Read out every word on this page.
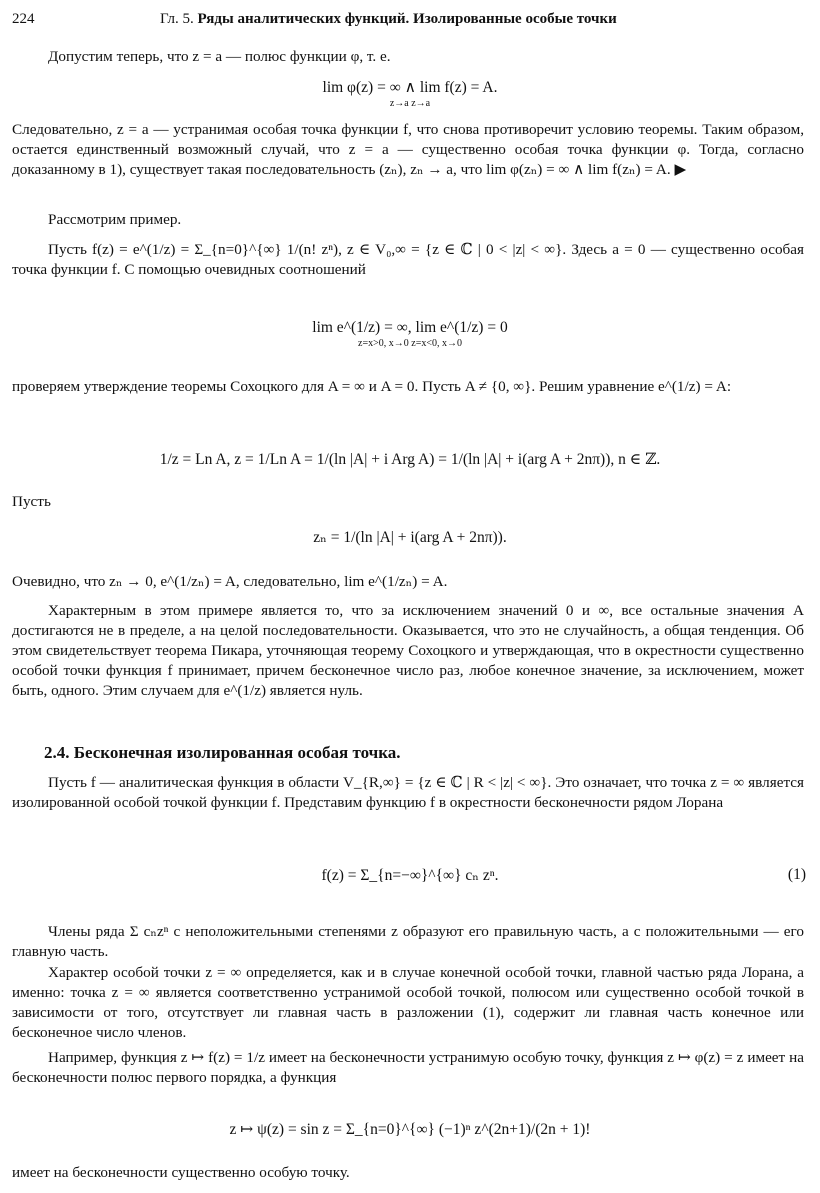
224	Гл. 5. Ряды аналитических функций. Изолированные особые точки
Допустим теперь, что z = a — полюс функции φ, т. е.
lim φ(z) = ∞ ∧ lim f(z) = A.
z→a z→a
Следовательно, z = a — устранимая особая точка функции f, что снова противоречит условию теоремы. Таким образом, остается единственный возможный случай, что z = a — существенно особая точка функции φ. Тогда, согласно доказанному в 1), существует такая последовательность (zₙ), zₙ → a, что lim φ(zₙ) = ∞ ∧ lim f(zₙ) = A. ▶
Рассмотрим пример.
Пусть f(z) = e^(1/z) = Σ_{n=0}^{∞} 1/(n! zⁿ), z ∈ V₀,∞ = {z ∈ ℂ | 0 < |z| < ∞}. Здесь a = 0 — существенно особая точка функции f. С помощью очевидных соотношений
lim e^(1/z) = ∞, lim e^(1/z) = 0
z=x>0, x→0 z=x<0, x→0
проверяем утверждение теоремы Сохоцкого для A = ∞ и A = 0. Пусть A ≠ {0, ∞}. Решим уравнение e^(1/z) = A:
1/z = Ln A, z = 1/Ln A = 1/(ln |A| + i Arg A) = 1/(ln |A| + i(arg A + 2nπ)), n ∈ ℤ.
Пусть
zₙ = 1/(ln |A| + i(arg A + 2nπ)).
Очевидно, что zₙ → 0, e^(1/zₙ) = A, следовательно, lim e^(1/zₙ) = A.
Характерным в этом примере является то, что за исключением значений 0 и ∞, все остальные значения A достигаются не в пределе, а на целой последовательности. Оказывается, что это не случайность, а общая тенденция. Об этом свидетельствует теорема Пикара, уточняющая теорему Сохоцкого и утверждающая, что в окрестности существенно особой точки функция f принимает, причем бесконечное число раз, любое конечное значение, за исключением, может быть, одного. Этим случаем для e^(1/z) является нуль.
2.4. Бесконечная изолированная особая точка.
Пусть f — аналитическая функция в области V_{R,∞} = {z ∈ ℂ | R < |z| < ∞}. Это означает, что точка z = ∞ является изолированной особой точкой функции f. Представим функцию f в окрестности бесконечности рядом Лорана
f(z) = Σ_{n=−∞}^{∞} cₙ zⁿ.	(1)
Члены ряда Σ cₙzⁿ с неположительными степенями z образуют его правильную часть, а с положительными — его главную часть.
Характер особой точки z = ∞ определяется, как и в случае конечной особой точки, главной частью ряда Лорана, а именно: точка z = ∞ является соответственно устранимой особой точкой, полюсом или существенно особой точкой в зависимости от того, отсутствует ли главная часть в разложении (1), содержит ли главная часть конечное или бесконечное число членов.
Например, функция z ↦ f(z) = 1/z имеет на бесконечности устранимую особую точку, функция z ↦ φ(z) = z имеет на бесконечности полюс первого порядка, а функция
z ↦ ψ(z) = sin z = Σ_{n=0}^{∞} (−1)ⁿ z^(2n+1)/(2n + 1)!
имеет на бесконечности существенно особую точку.
